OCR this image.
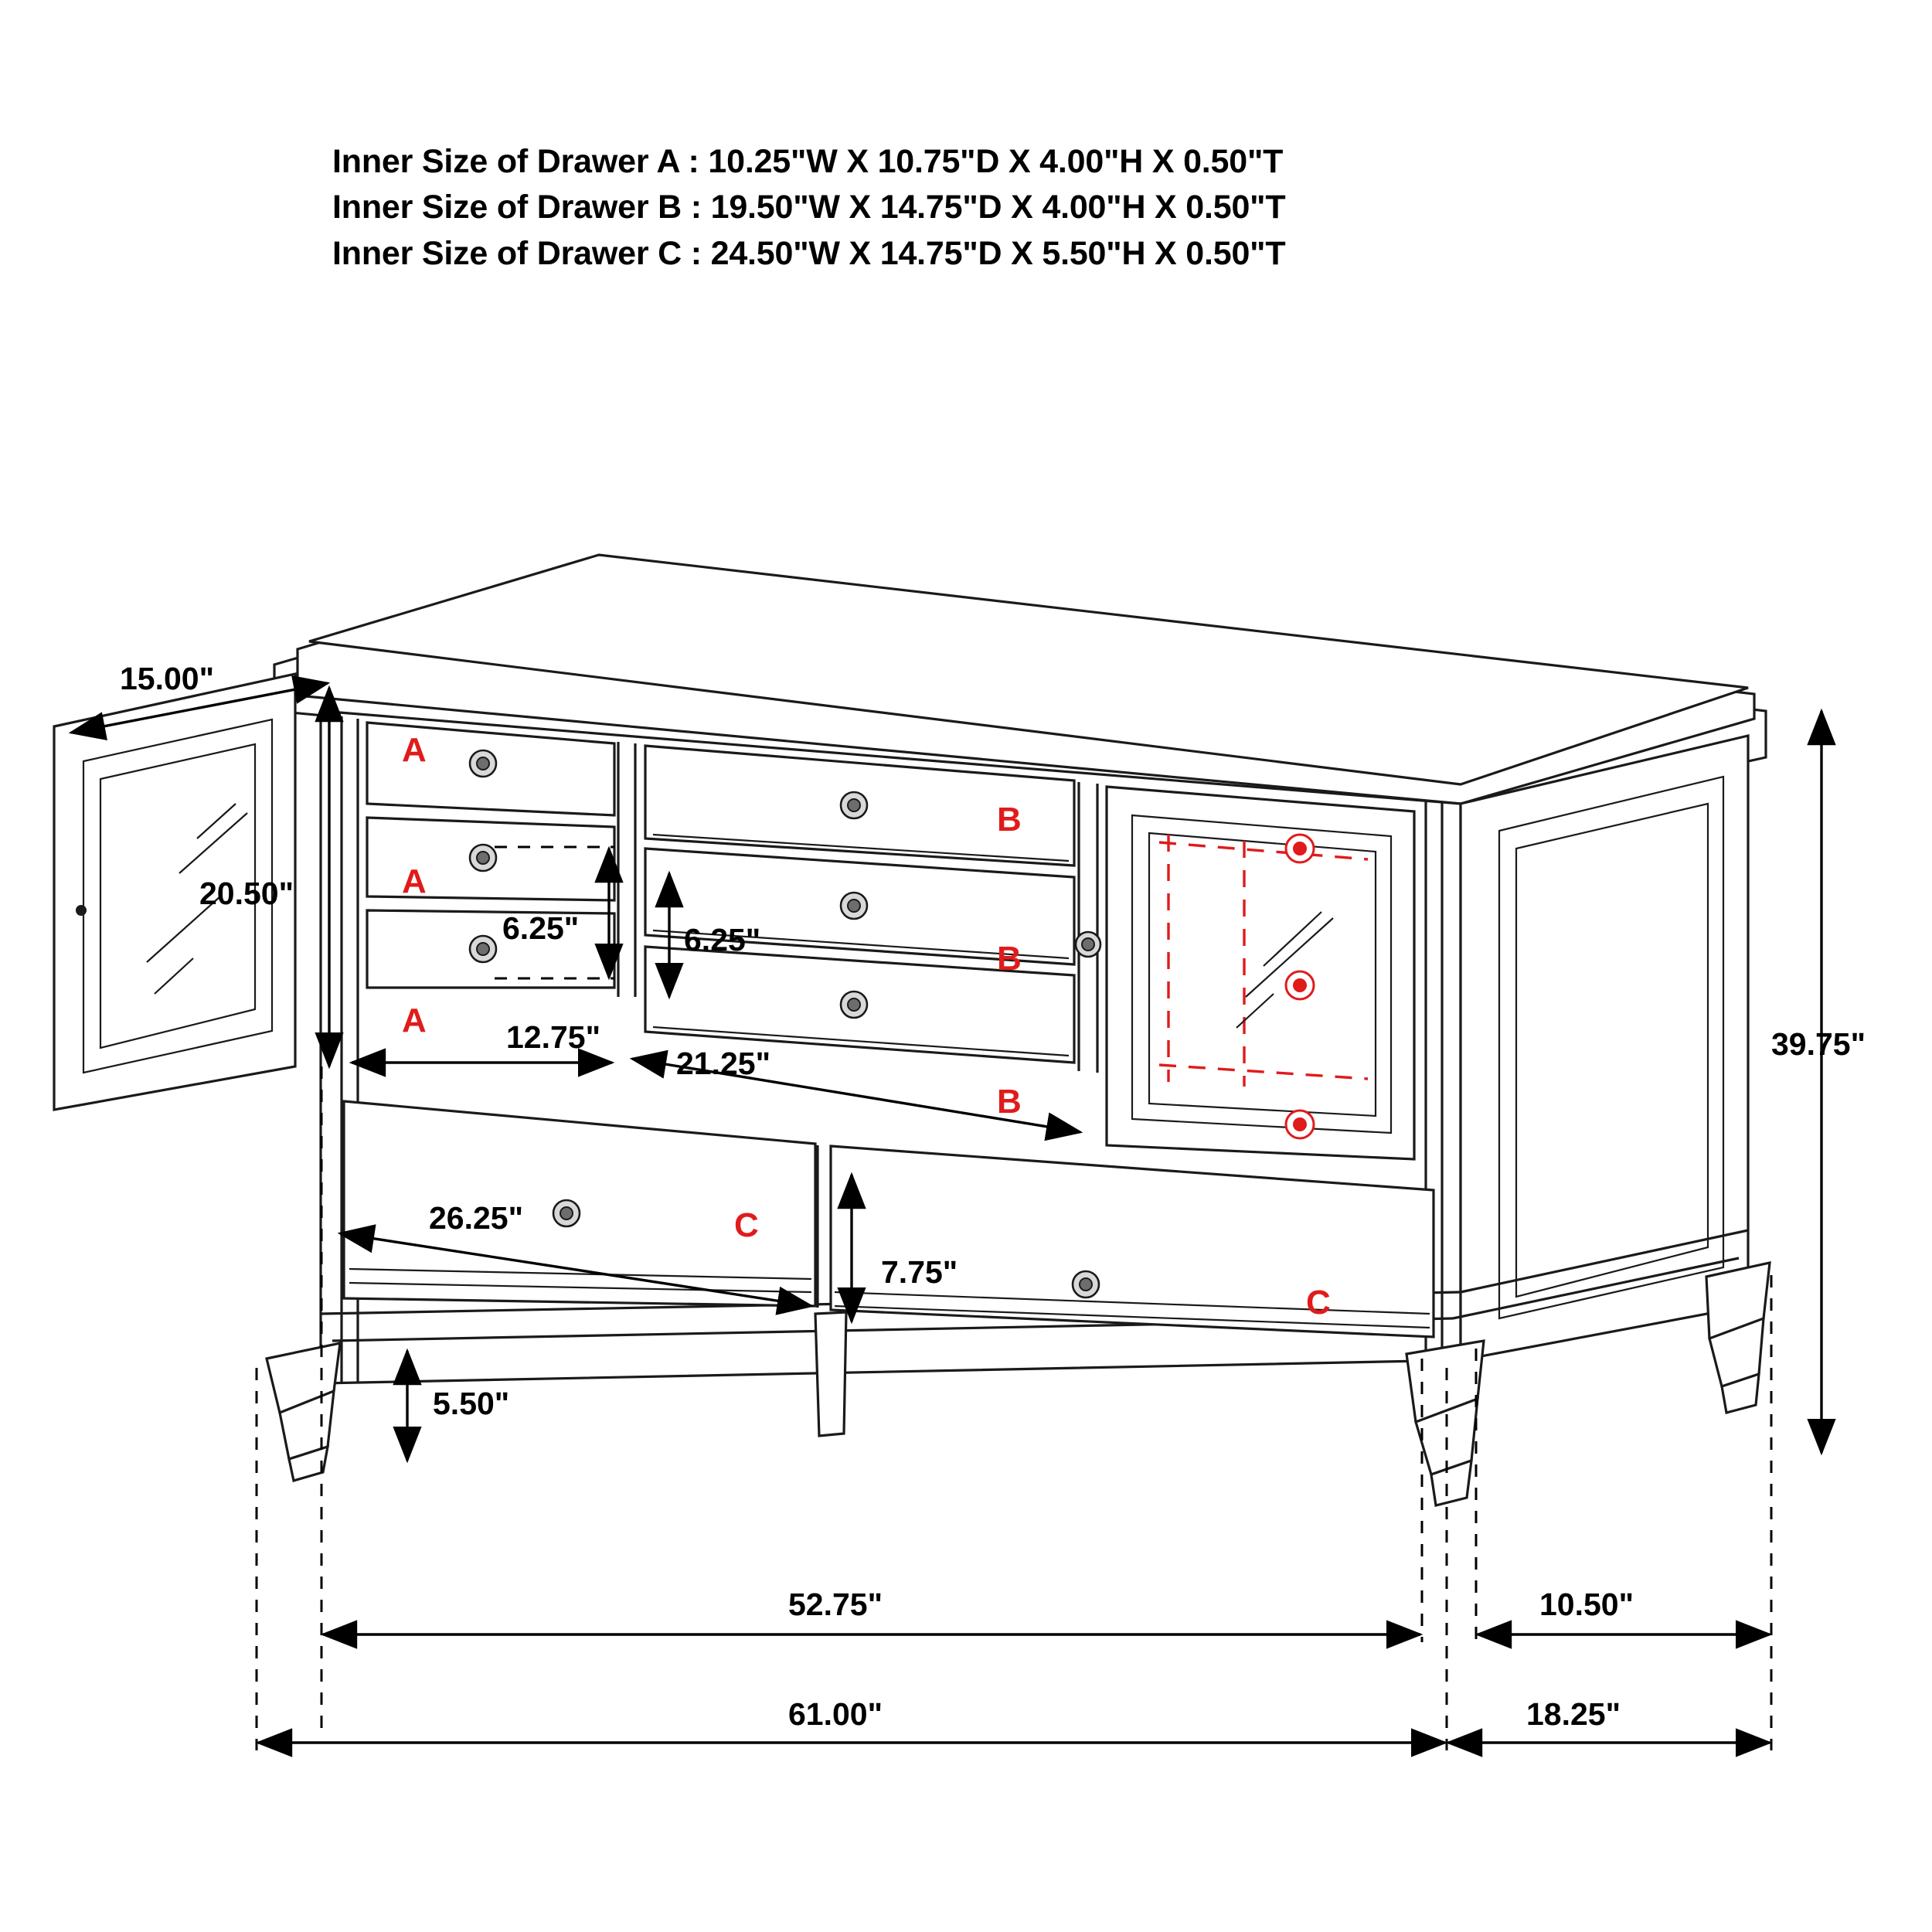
Inner Size of Drawer A : 10.25"W X 10.75"D X 4.00"H X 0.50"T
Inner Size of Drawer B : 19.50"W X 14.75"D X 4.00"H X 0.50"T
Inner Size of Drawer C : 24.50"W X 14.75"D X 5.50"H X 0.50"T
A
A
A
B
B
B
C
C
15.00"
20.50"
6.25"	6.25"
12.75"
21.25"
26.25"
7.75"
5.50"
39.75"
52.75"	10.50"
61.00"	18.25"
